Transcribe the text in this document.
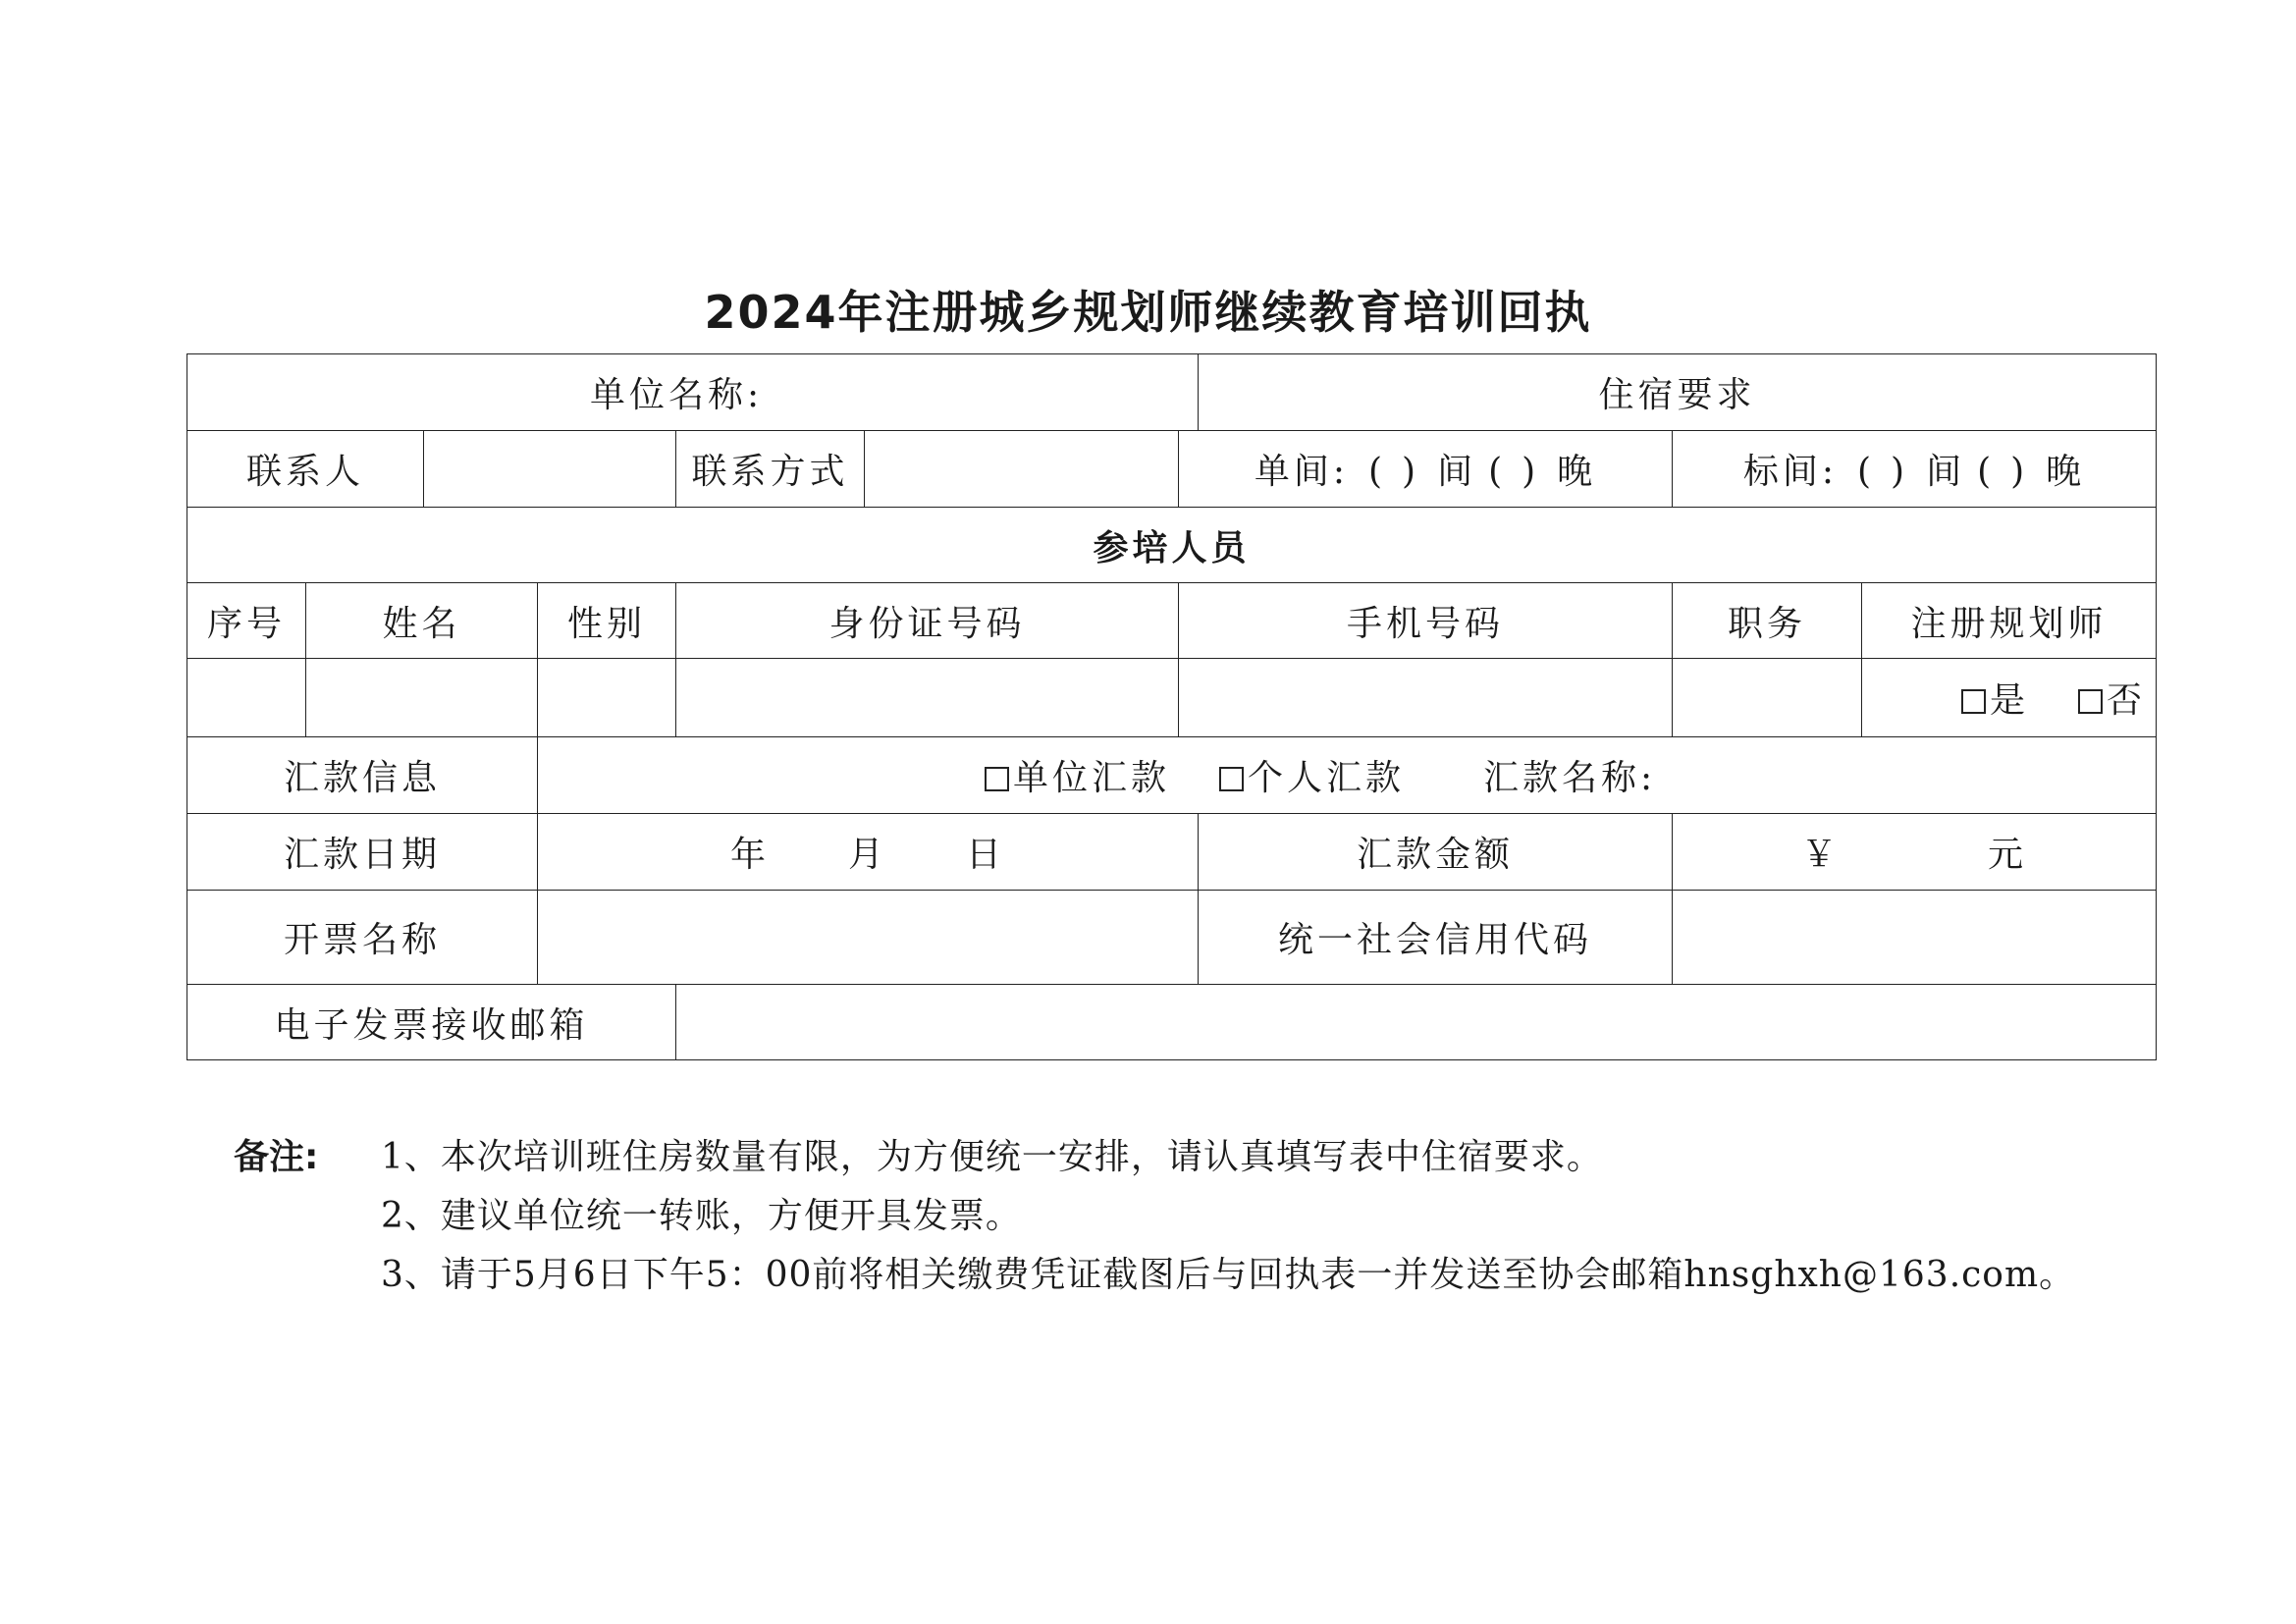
2024年注册城乡规划师继续教育培训回执
单位名称:							住宿要求		
联系人				联系方式		单间: ( ) 间 ( ) 晚		标间: ( ) 间 ( ) 晚	
参培人员									
序号	姓名		性别	身份证号码		手机号码		职务	注册规划师
									是 否
汇款信息			单位汇款 个人汇款 汇款名称:						
汇款日期			年 月 日				汇款金额	￥ 元	
开票名称							统一社会信用代码		
电子发票接收邮箱									
备注: 1、本次培训班住房数量有限，为方便统一安排，请认真填写表中住宿要求。
2、建议单位统一转账，方便开具发票。
3、请于5月6日下午5：00前将相关缴费凭证截图后与回执表一并发送至协会邮箱hnsghxh@163.com。
